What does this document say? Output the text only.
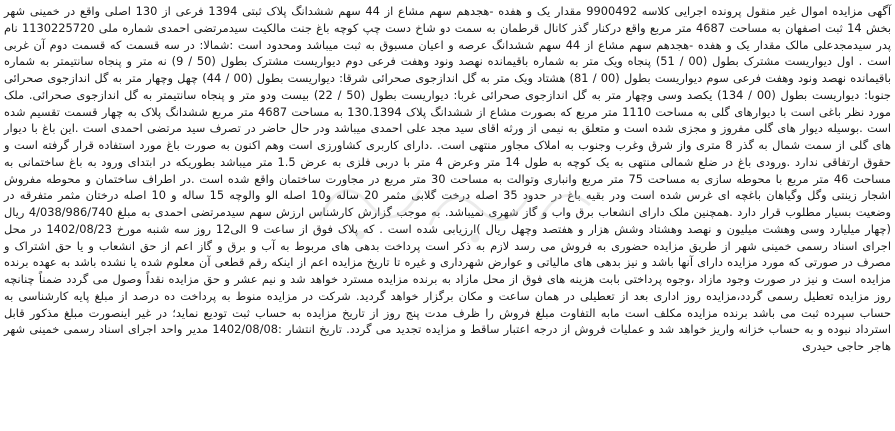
آگهی مزایده اموال غیر منقول پرونده اجرایی کلاسه 9900492 مقدار یک و هفده -هجدهم سهم مشاع از 44 سهم ششدانگ پلاک ثبتی 1394 فرعی از 130 اصلی واقع در خمینی شهر بخش 14 ثبت اصفهان به مساحت 4687 متر مربع واقع درکنار گذر کانال قرطمان به سمت دو شاخ دست چپ کوچه باغ جنت مالکیت سیدمرتضی احمدی شماره ملی 1130225720 نام پدر سیدمجدعلی مالک مقدار یک و هفده -هجدهم سهم مشاع از 44 سهم ششدانگ عرصه و اعیان مسبوق به ثبت میباشد ومحدود است :شمالا: در سه قسمت که قسمت دوم آن غربی است . اول دیواریست مشترک بطول (00 / 51) پنجاه ویک متر به شماره باقیمانده نهصد ونود وهفت فرعی دوم دیواریست مشترک بطول (50 / 9) نه متر و پنجاه سانتیمتر به شماره باقیمانده نهصد ونود وهفت فرعی سوم دیواریست بطول (00 / 81) هشتاد ویک متر به گل اندازجوی صحرائی شرقا: دیواریست بطول (00 / 44) چهل وچهار متر به گل اندازجوی صحرائی جنوبا: دیواریست بطول (00 / 134) یکصد وسی وچهار متر به گل اندازجوی صحرائی غربا: دیواریست بطول (50 / 22) بیست ودو متر و پنجاه سانتیمتر به گل اندازجوی صحرائی. ملک مورد نظر باغی است با دیوارهای گلی به مساحت 1110 متر مربع که بصورت مشاع از ششدانگ پلاک 130.1394 به مساحت 4687 متر مربع ششدانگ پلاک به چهار قسمت تقسیم شده است .بوسیله دیوار های گلی مفروز و مجزی شده است و متعلق به نیمی از ورثه اقای سید مجد علی احمدی میباشد ودر حال حاضر در تصرف سید مرتضی احمدی است .این باغ با دیوار های گلی از سمت شمال به گذر 8 متری واز شرق وغرب وجنوب به املاک مجاور منتهی است. .دارای کاربری کشاورزی است وهم اکنون به صورت باغ مورد استفاده قرار گرفته است و حقوق ارتفاقی ندارد .ورودی باغ در ضلع شمالی منتهی به یک کوچه به طول 14 متر وعرض 4 متر با دربی فلزی به عرض 1.5 متر میباشد بطوریکه در ابتدای ورود به باغ ساختمانی به مساحت 46 متر مربع با محوطه سازی به مساحت 75 متر مربع وانباری وتوالت به مساحت 30 متر مربع در مجاورت ساختمان واقع شده است .در اطراف ساختمان و محوطه مفروش اشجار زینتی وگل وگیاهان باغچه ای غرس شده است ودر بقیه باغ در حدود 35 اصله درخت گلابی مثمر 20 ساله و10 اصله الو والوچه 15 ساله و 10 اصله درختان مثمر متفرقه در وضعیت بسیار مطلوب قرار دارد .همچنین ملک دارای انشعاب برق واب و گاز شهری نمیباشد. به موجب گزارش کارشناس ارزش سهم سیدمرتضی احمدی به مبلغ 4/038/986/740 ریال (چهار میلیارد وسی وهشت میلیون و نهصد وهشتاد وشش هزار و هفتصد وچهل ریال )ارزیابی شده است . که پلاک فوق از ساعت 9 الی12 روز سه شنبه مورخ 1402/08/23 در محل اجرای اسناد رسمی خمینی شهر از طریق مزایده حضوری به فروش می رسد لازم به ذکر است پرداخت بدهی های مربوط به آب و برق و گاز اعم از حق انشعاب و یا حق اشتراک و مصرف در صورتی که مورد مزایده دارای آنها باشد و نیز بدهی های مالیاتی و عوارض شهرداری و غیره تا تاریخ مزایده اعم از اینکه رقم قطعی آن معلوم شده یا نشده باشد به عهده برنده مزایده است و نیز در صورت وجود مازاد ،وجوه پرداختی بابت هزینه های فوق از محل مازاد به برنده مزایده مسترد خواهد شد و نیم عشر و حق مزایده نقداً وصول می گردد ضمناً چنانچه روز مزایده تعطیل رسمی گردد،مزایده روز اداری بعد از تعطیلی در همان ساعت و مکان برگزار خواهد گردید. شرکت در مزایده منوط به پرداخت ده درصد از مبلغ پایه کارشناسی به حساب سپرده ثبت می باشد برنده مزایده مکلف است مابه التفاوت مبلغ فروش را ظرف مدت پنج روز از تاریخ مزایده به حساب ثبت تودیع نماید؛ در غیر اینصورت مبلغ مذکور قابل استرداد نبوده و به حساب خزانه واریز خواهد شد و عملیات فروش از درجه اعتبار ساقط و مزایده تجدید می گردد. تاریخ انتشار :1402/08/08 مدیر واحد اجرای اسناد رسمی خمینی شهر هاجر حاجی حیدری
